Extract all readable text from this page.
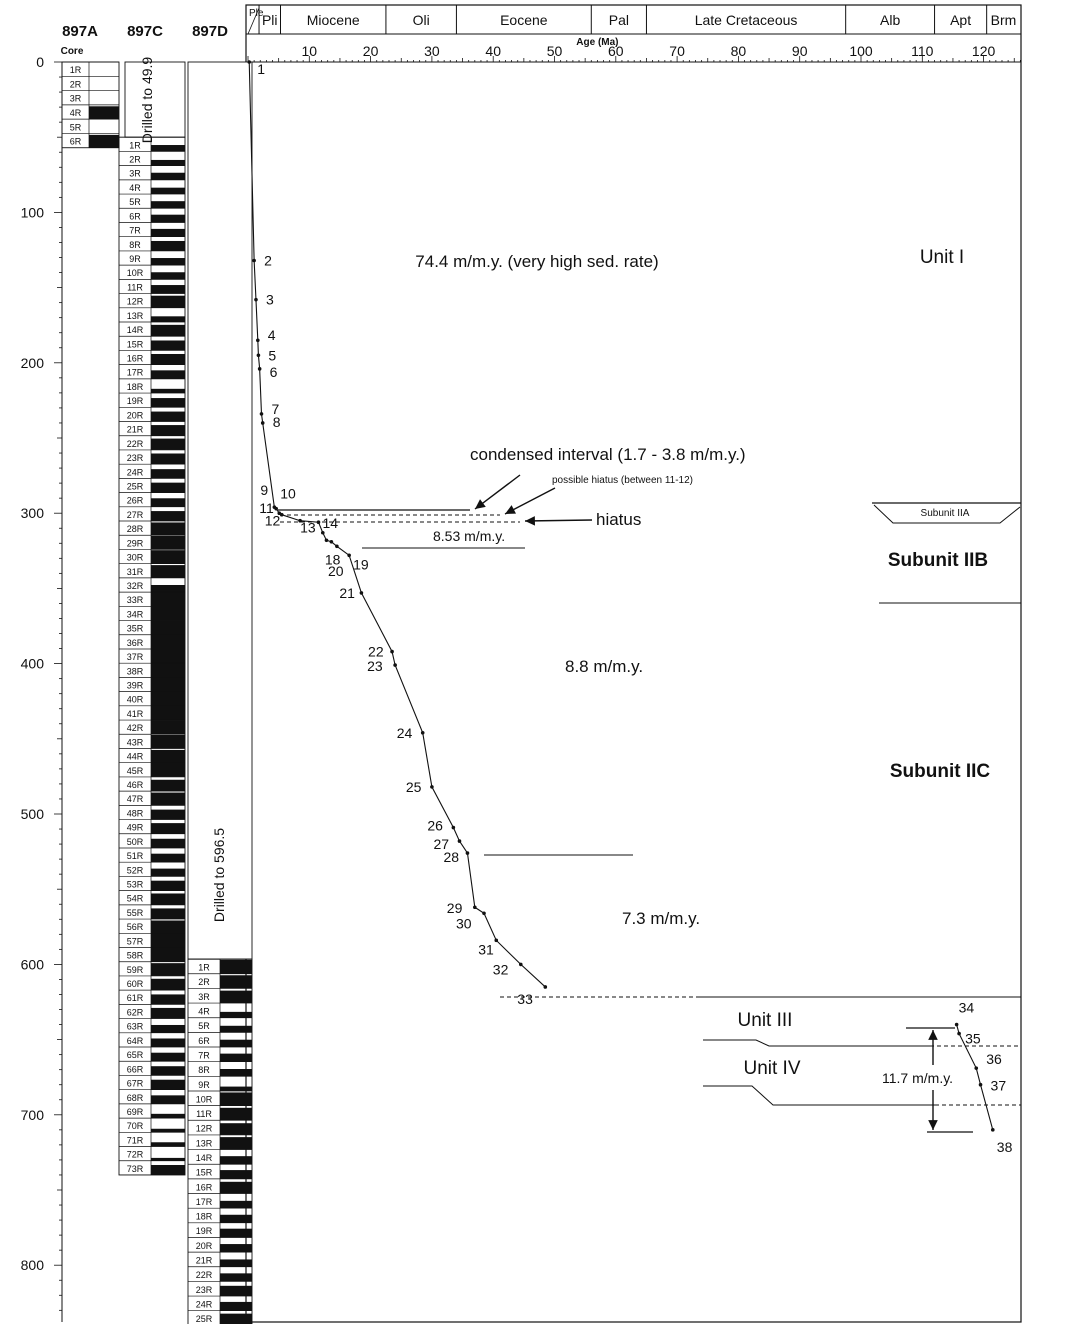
Ple
Pli Miocene	Oli	Eocene	Pal	Late Cretaceous	Alb	Apt Brm
10	20	30	40	50	60	70	80	90	100	110	120
Age (Ma)
0
100
200
300
400
500
600
700
800
897A 897C 897D
Core
1R
2R
3R
4R
5R
6R	1R
2R
3R
4R
5R
6R
7R
8R
9R
10R
11R
12R
13R
14R
15R
16R
17R
18R
19R
20R
21R
22R
23R
24R
25R
26R
27R
28R
29R
30R
31R
32R
33R
34R
35R
36R
37R
38R
39R
40R
41R
42R
43R
44R
45R
46R
47R
48R
49R
50R
51R
52R
53R
54R
55R
56R
57R
58R
59R
60R
61R
62R
63R
64R
65R
66R
67R
68R
69R
70R
71R
72R
73R
1R
2R
3R
4R
5R
6R
7R
8R
9R
10R
11R
12R
13R
14R
15R
16R
17R
18R
19R
20R
21R
22R
23R
24R
25R
Drilled to 49.9
Drilled to 596.5
1
2
3
4
5
6
7
8
9 10
11
12 13 14
18 19
21
22
23
24
25
26
27
28
29
30
31
32
33
34
35
36
37
38
20
74.4 m/m.y. (very high sed. rate)
condensed interval (1.7 - 3.8 m/m.y.)
possible hiatus (between 11-12)
hiatus
8.53 m/m.y.
8.8 m/m.y.
7.3 m/m.y.
11.7 m/m.y.
Subunit IIA
Unit I
Subunit IIB
Subunit IIC
Unit III
Unit IV
